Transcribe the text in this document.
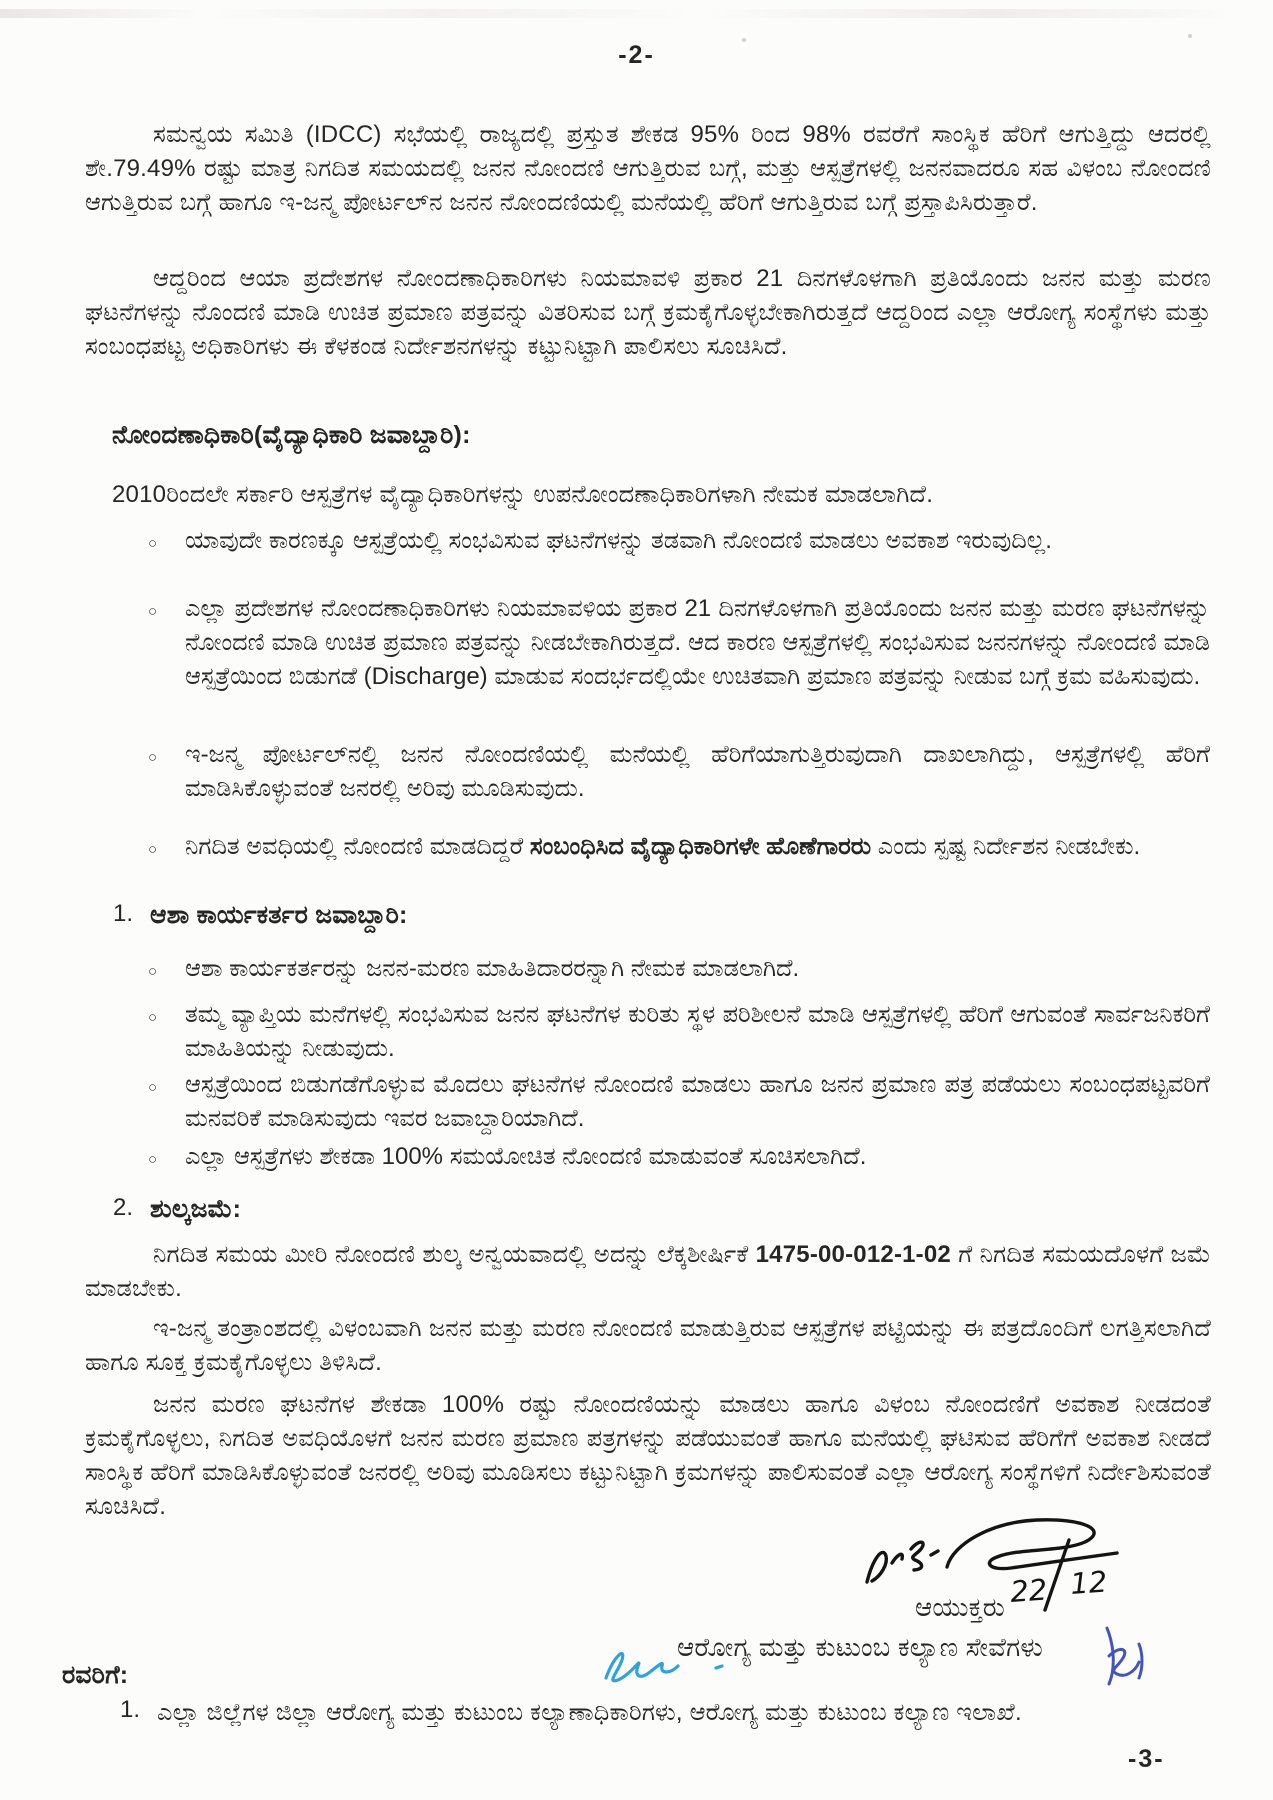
-2-
ಸಮನ್ವಯ ಸಮಿತಿ (IDCC) ಸಭೆಯಲ್ಲಿ ರಾಜ್ಯದಲ್ಲಿ ಪ್ರಸ್ತುತ ಶೇಕಡ 95% ರಿಂದ 98% ರವರೆಗೆ ಸಾಂಸ್ಥಿಕ ಹೆರಿಗೆ ಆಗುತ್ತಿದ್ದು ಆದರಲ್ಲಿ ಶೇ.79.49% ರಷ್ಟು ಮಾತ್ರ ನಿಗದಿತ ಸಮಯದಲ್ಲಿ ಜನನ ನೋಂದಣಿ ಆಗುತ್ತಿರುವ ಬಗ್ಗೆ, ಮತ್ತು ಆಸ್ಪತ್ರೆಗಳಲ್ಲಿ ಜನನವಾದರೂ ಸಹ ವಿಳಂಬ ನೋಂದಣಿ ಆಗುತ್ತಿರುವ ಬಗ್ಗೆ ಹಾಗೂ ಇ-ಜನ್ಮ ಪೋರ್ಟಲ್‌ನ ಜನನ ನೋಂದಣಿಯಲ್ಲಿ ಮನೆಯಲ್ಲಿ ಹೆರಿಗೆ ಆಗುತ್ತಿರುವ ಬಗ್ಗೆ ಪ್ರಸ್ತಾಪಿಸಿರುತ್ತಾರೆ.
ಆದ್ದರಿಂದ ಆಯಾ ಪ್ರದೇಶಗಳ ನೋಂದಣಾಧಿಕಾರಿಗಳು ನಿಯಮಾವಳಿ ಪ್ರಕಾರ 21 ದಿನಗಳೊಳಗಾಗಿ ಪ್ರತಿಯೊಂದು ಜನನ ಮತ್ತು ಮರಣ ಘಟನೆಗಳನ್ನು ನೊಂದಣಿ ಮಾಡಿ ಉಚಿತ ಪ್ರಮಾಣ ಪತ್ರವನ್ನು ವಿತರಿಸುವ ಬಗ್ಗೆ ಕ್ರಮಕೈಗೊಳ್ಳಬೇಕಾಗಿರುತ್ತದೆ ಆದ್ದರಿಂದ ಎಲ್ಲಾ ಆರೋಗ್ಯ ಸಂಸ್ಥೆಗಳು ಮತ್ತು ಸಂಬಂಧಪಟ್ಟ ಅಧಿಕಾರಿಗಳು ಈ ಕೆಳಕಂಡ ನಿರ್ದೇಶನಗಳನ್ನು ಕಟ್ಟುನಿಟ್ಟಾಗಿ ಪಾಲಿಸಲು ಸೂಚಿಸಿದೆ.
ನೋಂದಣಾಧಿಕಾರಿ(ವೈದ್ಯಾಧಿಕಾರಿ ಜವಾಬ್ದಾರಿ):
2010ರಿಂದಲೇ ಸರ್ಕಾರಿ ಆಸ್ಪತ್ರೆಗಳ ವೈದ್ಯಾಧಿಕಾರಿಗಳನ್ನು ಉಪನೋಂದಣಾಧಿಕಾರಿಗಳಾಗಿ ನೇಮಕ ಮಾಡಲಾಗಿದೆ.
○ ಯಾವುದೇ ಕಾರಣಕ್ಕೂ ಆಸ್ಪತ್ರೆಯಲ್ಲಿ ಸಂಭವಿಸುವ ಘಟನೆಗಳನ್ನು ತಡವಾಗಿ ನೋಂದಣಿ ಮಾಡಲು ಅವಕಾಶ ಇರುವುದಿಲ್ಲ.
○ ಎಲ್ಲಾ ಪ್ರದೇಶಗಳ ನೋಂದಣಾಧಿಕಾರಿಗಳು ನಿಯಮಾವಳಿಯ ಪ್ರಕಾರ 21 ದಿನಗಳೊಳಗಾಗಿ ಪ್ರತಿಯೊಂದು ಜನನ ಮತ್ತು ಮರಣ ಘಟನೆಗಳನ್ನು ನೋಂದಣಿ ಮಾಡಿ ಉಚಿತ ಪ್ರಮಾಣ ಪತ್ರವನ್ನು ನೀಡಬೇಕಾಗಿರುತ್ತದೆ. ಆದ ಕಾರಣ ಆಸ್ಪತ್ರೆಗಳಲ್ಲಿ ಸಂಭವಿಸುವ ಜನನಗಳನ್ನು ನೋಂದಣಿ ಮಾಡಿ ಆಸ್ಪತ್ರೆಯಿಂದ ಬಿಡುಗಡೆ (Discharge) ಮಾಡುವ ಸಂದರ್ಭದಲ್ಲಿಯೇ ಉಚಿತವಾಗಿ ಪ್ರಮಾಣ ಪತ್ರವನ್ನು ನೀಡುವ ಬಗ್ಗೆ ಕ್ರಮ ವಹಿಸುವುದು.
○ ಇ-ಜನ್ಮ ಪೋರ್ಟಲ್‌ನಲ್ಲಿ ಜನನ ನೋಂದಣಿಯಲ್ಲಿ ಮನೆಯಲ್ಲಿ ಹೆರಿಗೆಯಾಗುತ್ತಿರುವುದಾಗಿ ದಾಖಲಾಗಿದ್ದು, ಆಸ್ಪತ್ರೆಗಳಲ್ಲಿ ಹೆರಿಗೆ ಮಾಡಿಸಿಕೊಳ್ಳುವಂತೆ ಜನರಲ್ಲಿ ಅರಿವು ಮೂಡಿಸುವುದು.
○ ನಿಗದಿತ ಅವಧಿಯಲ್ಲಿ ನೋಂದಣಿ ಮಾಡದಿದ್ದರೆ ಸಂಬಂಧಿಸಿದ ವೈದ್ಯಾಧಿಕಾರಿಗಳೇ ಹೊಣೆಗಾರರು ಎಂದು ಸ್ಪಷ್ಟ ನಿರ್ದೇಶನ ನೀಡಬೇಕು.
1. ಆಶಾ ಕಾರ್ಯಕರ್ತರ ಜವಾಬ್ದಾರಿ:
○ ಆಶಾ ಕಾರ್ಯಕರ್ತರನ್ನು ಜನನ-ಮರಣ ಮಾಹಿತಿದಾರರನ್ನಾಗಿ ನೇಮಕ ಮಾಡಲಾಗಿದೆ.
○ ತಮ್ಮ ವ್ಯಾಪ್ತಿಯ ಮನೆಗಳಲ್ಲಿ ಸಂಭವಿಸುವ ಜನನ ಘಟನೆಗಳ ಕುರಿತು ಸ್ಥಳ ಪರಿಶೀಲನೆ ಮಾಡಿ ಆಸ್ಪತ್ರೆಗಳಲ್ಲಿ ಹೆರಿಗೆ ಆಗುವಂತೆ ಸಾರ್ವಜನಿಕರಿಗೆ ಮಾಹಿತಿಯನ್ನು ನೀಡುವುದು.
○ ಆಸ್ಪತ್ರೆಯಿಂದ ಬಿಡುಗಡೆಗೊಳ್ಳುವ ಮೊದಲು ಘಟನೆಗಳ ನೋಂದಣಿ ಮಾಡಲು ಹಾಗೂ ಜನನ ಪ್ರಮಾಣ ಪತ್ರ ಪಡೆಯಲು ಸಂಬಂಧಪಟ್ಟವರಿಗೆ ಮನವರಿಕೆ ಮಾಡಿಸುವುದು ಇವರ ಜವಾಬ್ದಾರಿಯಾಗಿದೆ.
○ ಎಲ್ಲಾ ಆಸ್ಪತ್ರೆಗಳು ಶೇಕಡಾ 100% ಸಮಯೋಚಿತ ನೋಂದಣಿ ಮಾಡುವಂತೆ ಸೂಚಿಸಲಾಗಿದೆ.
2. ಶುಲ್ಕಜಮೆ:
ನಿಗದಿತ ಸಮಯ ಮೀರಿ ನೋಂದಣಿ ಶುಲ್ಕ ಅನ್ವಯವಾದಲ್ಲಿ ಅದನ್ನು ಲೆಕ್ಕಶೀರ್ಷಿಕೆ 1475-00-012-1-02 ಗೆ ನಿಗದಿತ ಸಮಯದೊಳಗೆ ಜಮೆ ಮಾಡಬೇಕು.
ಇ-ಜನ್ಮ ತಂತ್ರಾಂಶದಲ್ಲಿ ವಿಳಂಬವಾಗಿ ಜನನ ಮತ್ತು ಮರಣ ನೋಂದಣಿ ಮಾಡುತ್ತಿರುವ ಆಸ್ಪತ್ರೆಗಳ ಪಟ್ಟಿಯನ್ನು ಈ ಪತ್ರದೊಂದಿಗೆ ಲಗತ್ತಿಸಲಾಗಿದೆ ಹಾಗೂ ಸೂಕ್ತ ಕ್ರಮಕೈಗೊಳ್ಳಲು ತಿಳಿಸಿದೆ.
ಜನನ ಮರಣ ಘಟನೆಗಳ ಶೇಕಡಾ 100% ರಷ್ಟು ನೋಂದಣಿಯನ್ನು ಮಾಡಲು ಹಾಗೂ ವಿಳಂಬ ನೋಂದಣಿಗೆ ಅವಕಾಶ ನೀಡದಂತೆ ಕ್ರಮಕೈಗೊಳ್ಳಲು, ನಿಗದಿತ ಅವಧಿಯೊಳಗೆ ಜನನ ಮರಣ ಪ್ರಮಾಣ ಪತ್ರಗಳನ್ನು ಪಡೆಯುವಂತೆ ಹಾಗೂ ಮನೆಯಲ್ಲಿ ಘಟಿಸುವ ಹೆರಿಗೆಗೆ ಅವಕಾಶ ನೀಡದೆ ಸಾಂಸ್ಥಿಕ ಹೆರಿಗೆ ಮಾಡಿಸಿಕೊಳ್ಳುವಂತೆ ಜನರಲ್ಲಿ ಅರಿವು ಮೂಡಿಸಲು ಕಟ್ಟುನಿಟ್ಟಾಗಿ ಕ್ರಮಗಳನ್ನು ಪಾಲಿಸುವಂತೆ ಎಲ್ಲಾ ಆರೋಗ್ಯ ಸಂಸ್ಥೆಗಳಿಗೆ ನಿರ್ದೇಶಿಸುವಂತೆ ಸೂಚಿಸಿದೆ.
22 12
ಆಯುಕ್ತರು
ಆರೋಗ್ಯ ಮತ್ತು ಕುಟುಂಬ ಕಲ್ಯಾಣ ಸೇವೆಗಳು
ರವರಿಗೆ:
1. ಎಲ್ಲಾ ಜಿಲ್ಲೆಗಳ ಜಿಲ್ಲಾ ಆರೋಗ್ಯ ಮತ್ತು ಕುಟುಂಬ ಕಲ್ಯಾಣಾಧಿಕಾರಿಗಳು, ಆರೋಗ್ಯ ಮತ್ತು ಕುಟುಂಬ ಕಲ್ಯಾಣ ಇಲಾಖೆ.
-3-
